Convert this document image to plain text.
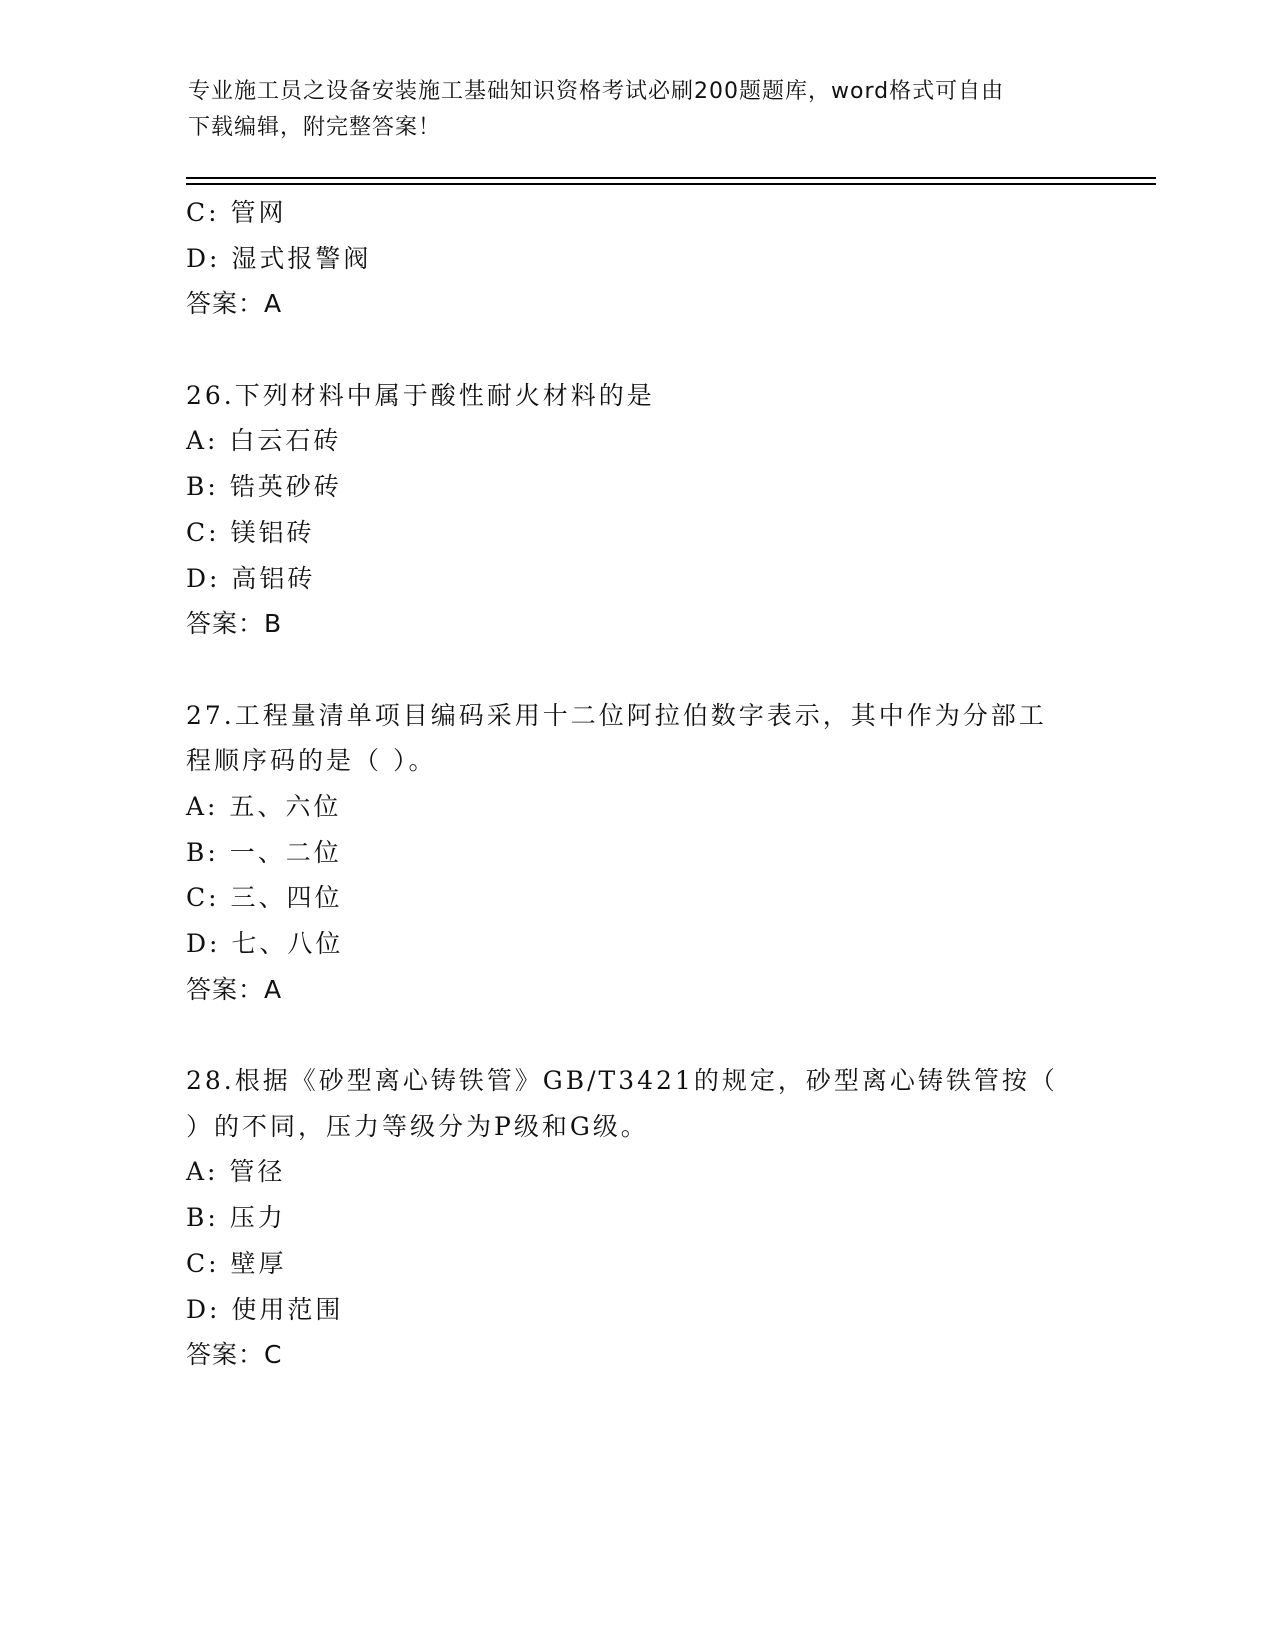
专业施工员之设备安装施工基础知识资格考试必刷200题题库，word格式可自由
下载编辑，附完整答案！
C: 管网
D: 湿式报警阀
答案：A
26.下列材料中属于酸性耐火材料的是
A: 白云石砖
B: 锆英砂砖
C: 镁铝砖
D: 高铝砖
答案：B
27.工程量清单项目编码采用十二位阿拉伯数字表示，其中作为分部工
程顺序码的是（ ）。
A: 五、六位
B: 一、二位
C: 三、四位
D: 七、八位
答案：A
28.根据《砂型离心铸铁管》GB/T3421的规定，砂型离心铸铁管按（
）的不同，压力等级分为P级和G级。
A: 管径
B: 压力
C: 壁厚
D: 使用范围
答案：C
